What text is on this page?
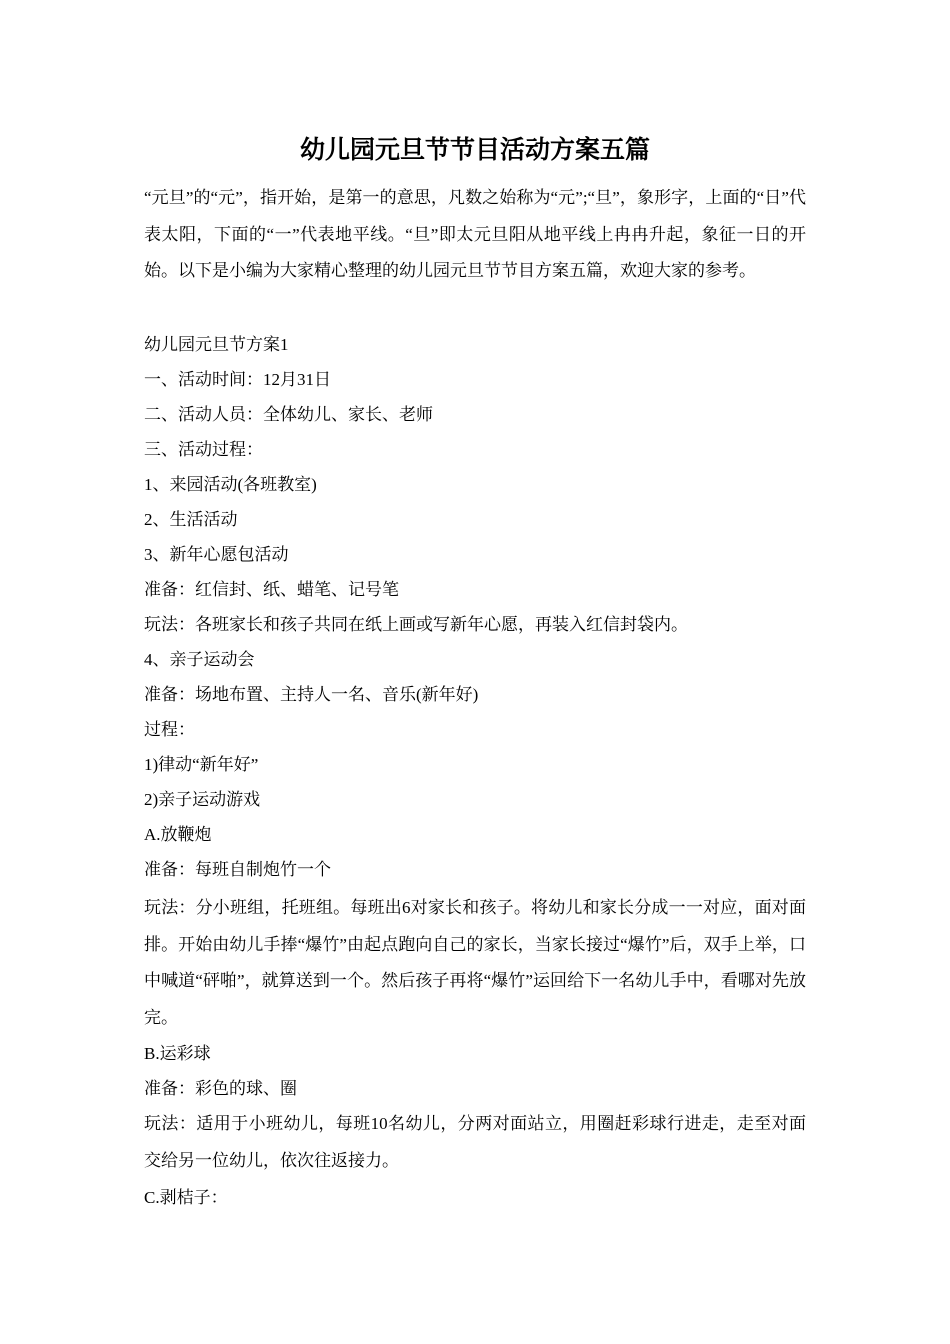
幼儿园元旦节节目活动方案五篇

“元旦”的“元”，指开始，是第一的意思，凡数之始称为“元”;“旦”，象形字，上面的“日”代表太阳，下面的“一”代表地平线。“旦”即太元旦阳从地平线上冉冉升起，象征一日的开始。以下是小编为大家精心整理的幼儿园元旦节节目方案五篇，欢迎大家的参考。

幼儿园元旦节方案1

一、活动时间：12月31日

二、活动人员：全体幼儿、家长、老师

三、活动过程：

1、来园活动(各班教室)

2、生活活动

3、新年心愿包活动

准备：红信封、纸、蜡笔、记号笔

玩法：各班家长和孩子共同在纸上画或写新年心愿，再装入红信封袋内。

4、亲子运动会

准备：场地布置、主持人一名、音乐(新年好)

过程：

1)律动“新年好”

2)亲子运动游戏

A.放鞭炮

准备：每班自制炮竹一个

玩法：分小班组，托班组。每班出6对家长和孩子。将幼儿和家长分成一一对应，面对面排。开始由幼儿手捧“爆竹”由起点跑向自己的家长，当家长接过“爆竹”后，双手上举，口中喊道“砰啪”，就算送到一个。然后孩子再将“爆竹”运回给下一名幼儿手中，看哪对先放完。

B.运彩球

准备：彩色的球、圈

玩法：适用于小班幼儿，每班10名幼儿，分两对面站立，用圈赶彩球行进走，走至对面交给另一位幼儿，依次往返接力。

C.剥桔子：
